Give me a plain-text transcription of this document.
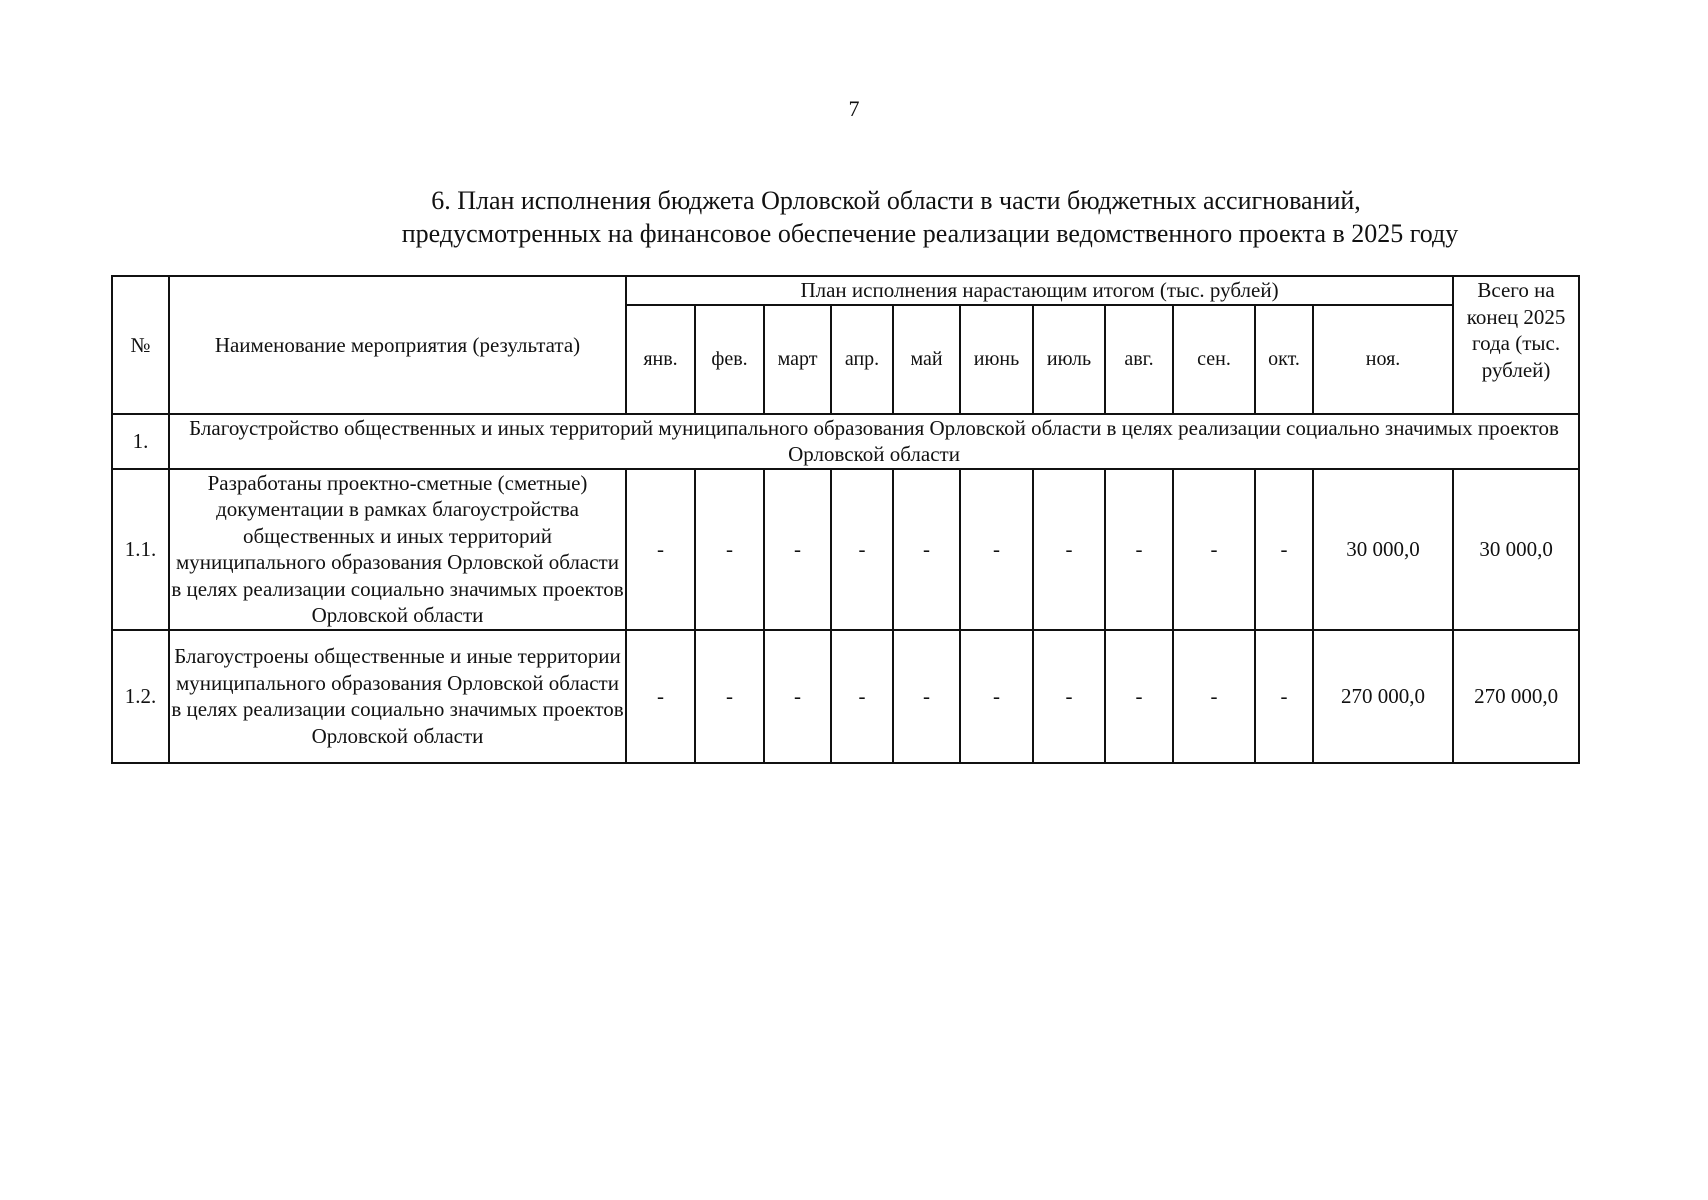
7
6. План исполнения бюджета Орловской области в части бюджетных ассигнований,
предусмотренных на финансовое обеспечение реализации ведомственного проекта в 2025 году
№	Наименование мероприятия (результата)	План исполнения нарастающим итогом (тыс. рублей)											Всего на конец 2025 года (тыс. рублей)
		янв.	фев.	март	апр.	май	июнь	июль	авг.	сен.	окт.	ноя.	
1.	Благоустройство общественных и иных территорий муниципального образования Орловской области в целях реализации социально значимых проектов Орловской области												
1.1.	Разработаны проектно-сметные (сметные) документации в рамках благоустройства общественных и иных территорий муниципального образования Орловской области в целях реализации социально значимых проектов Орловской области	-	-	-	-	-	-	-	-	-	-	30 000,0	30 000,0
1.2.	Благоустроены общественные и иные территории муниципального образования Орловской области в целях реализации социально значимых проектов Орловской области	-	-	-	-	-	-	-	-	-	-	270 000,0	270 000,0
